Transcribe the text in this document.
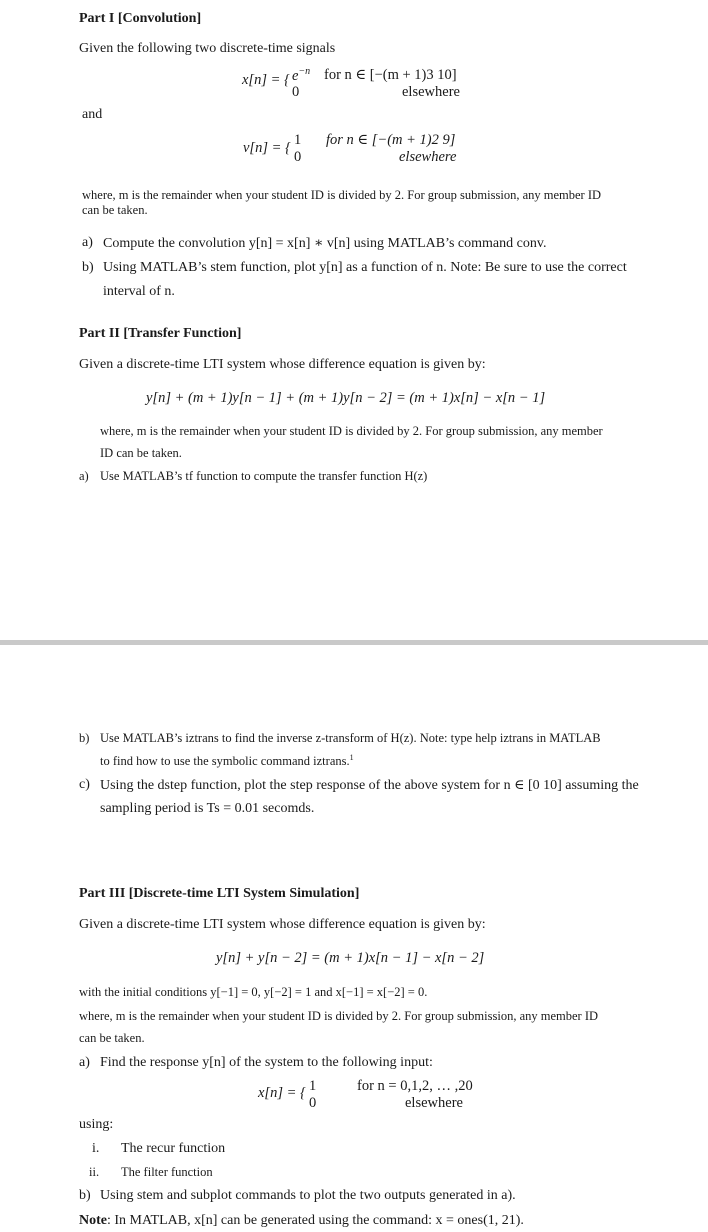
Part I [Convolution]
Given the following two discrete-time signals
x[n] = { $e^{-n}$ for n ∈ [−(m + 1)3 10]
0	elsewhere
and
v[n] = { 1 for n ∈ [−(m + 1)2 9]
0	elsewhere
where, m is the remainder when your student ID is divided by 2. For group submission, any member ID
can be taken.
a) Compute the convolution y[n] = x[n] ∗ v[n] using MATLAB’s command conv.
b) Using MATLAB’s stem function, plot y[n] as a function of n. Note: Be sure to use the correct
interval of n.
Part II [Transfer Function]
Given a discrete-time LTI system whose difference equation is given by:
y[n] + (m + 1)y[n − 1] + (m + 1)y[n − 2] = (m + 1)x[n] − x[n − 1]
where, m is the remainder when your student ID is divided by 2. For group submission, any member
ID can be taken.
a) Use MATLAB’s tf function to compute the transfer function H(z)
b) Use MATLAB’s iztrans to find the inverse z-transform of H(z). Note: type help iztrans in MATLAB
to find how to use the symbolic command iztrans.$^1$
c) Using the dstep function, plot the step response of the above system for n ∈ [0 10] assuming the
sampling period is Ts = 0.01 secomds.
Part III [Discrete-time LTI System Simulation]
Given a discrete-time LTI system whose difference equation is given by:
y[n] + y[n − 2] = (m + 1)x[n − 1] − x[n − 2]
with the initial conditions y[−1] = 0, y[−2] = 1 and x[−1] = x[−2] = 0.
where, m is the remainder when your student ID is divided by 2. For group submission, any member ID
can be taken.
a) Find the response y[n] of the system to the following input:
x[n] = { 1	for n = 0,1,2, … ,20
0	elsewhere
using:
i. The recur function
ii. The filter function
b) Using stem and subplot commands to plot the two outputs generated in a).
Note: In MATLAB, x[n] can be generated using the command: x = ones(1, 21).
